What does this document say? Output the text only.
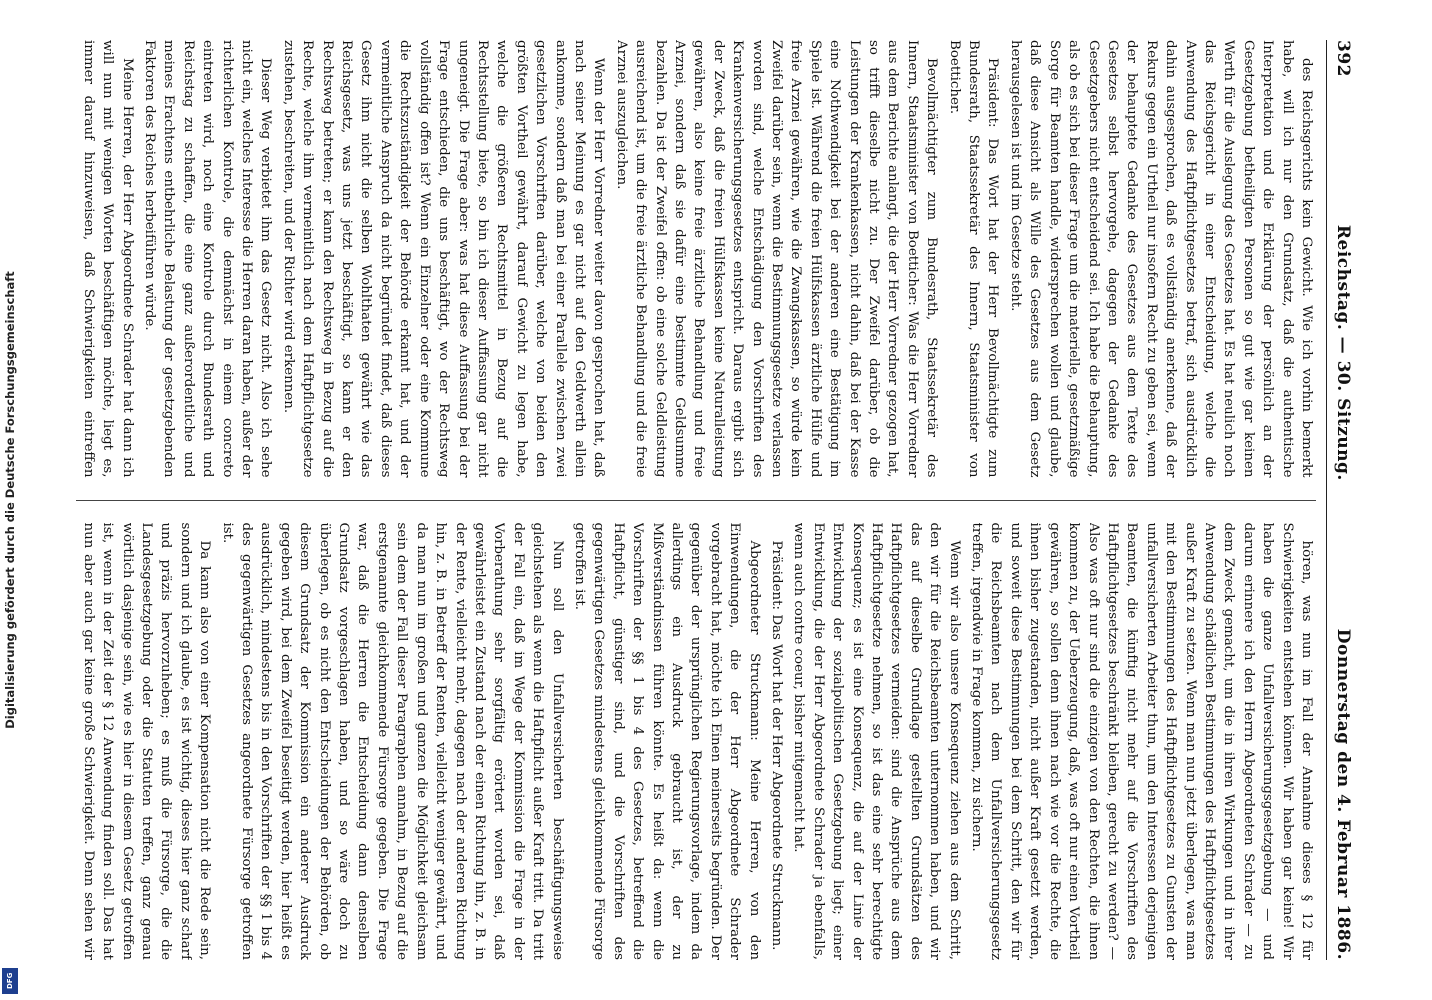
392
Reichstag. — 30. Sitzung.
Donnerstag den 4. Februar 1886.

des Reichsgerichts kein Gewicht. Wie ich vorhin bemerkt habe, will ich nur den Grundsatz, daß die authentische Interpretation und die Erklärung der persönlich an der Gesetzgebung betheiligten Personen so gut wie gar keinen Werth für die Auslegung des Gesetzes hat. Es hat neulich noch das Reichsgericht in einer Entscheidung, welche die Anwendung des Haftpflichtgesetzes betraf, sich ausdrücklich dahin ausgesprochen, daß es vollständig anerkenne, daß der Rekurs gegen ein Urtheil nur insofern Recht zu geben sei, wenn der behauptete Gedanke des Gesetzes aus dem Texte des Gesetzes selbst hervorgehe, dagegen der Gedanke des Gesetzgebers nicht entscheidend sei. Ich habe die Behauptung, als ob es sich bei dieser Frage um die materielle, gesetzmäßige Sorge für Beamten handle, widersprechen wollen und glaube, daß diese Ansicht als Wille des Gesetzes aus dem Gesetz herausgelesen ist und im Gesetze steht.

Präsident: Das Wort hat der Herr Bevollmächtigte zum Bundesrath, Staatssekretär des Innern, Staatsminister von Boetticher.

Bevollmächtigter zum Bundesrath, Staatssekretär des Innern, Staatsminister von Boetticher: Was die Herr Vorredner aus dem Berichte anlangt, die der Herr Vorredner gezogen hat, so trifft dieselbe nicht zu. Der Zweifel darüber, ob die Leistungen der Krankenkassen, nicht dahin, daß bei der Kasse eine Nothwendigkeit bei der anderen eine Bestätigung im Spiele ist. Während die freien Hülfskassen ärztliche Hülfe und freie Arznei gewähren, wie die Zwangskassen, so würde kein Zweifel darüber sein, wenn die Bestimmungsgesetze verlassen worden sind, welche Entschädigung den Vorschriften des Krankenversicherungsgesetzes entspricht. Daraus ergibt sich der Zweck, daß die freien Hülfskassen keine Naturalleistung gewähren, also keine freie ärztliche Behandlung und freie Arznei, sondern daß sie dafür eine bestimmte Geldsumme bezahlen. Da ist der Zweifel offen: ob eine solche Geldleistung ausreichend ist, um die freie ärztliche Behandlung und die freie Arznei auszugleichen.

Wenn der Herr Vorredner weiter davon gesprochen hat, daß nach seiner Meinung es gar nicht auf den Geldwerth allein ankomme, sondern daß man bei einer Parallele zwischen zwei gesetzlichen Vorschriften darüber, welche von beiden den größten Vortheil gewährt, darauf Gewicht zu legen habe, welche die größeren Rechtsmittel in Bezug auf die Rechtsstellung biete, so bin ich dieser Auffassung gar nicht ungeneigt. Die Frage aber: was hat diese Auffassung bei der Frage entschieden, die uns beschäftigt, wo der Rechtsweg vollständig offen ist? Wenn ein Einzelner oder eine Kommune die Rechtszuständigkeit der Behörde erkannt hat, und der vermeintliche Anspruch da nicht begründet findet, daß dieses Gesetz ihm nicht die selben Wohlthaten gewährt wie das Reichsgesetz, was uns jetzt beschäftigt, so kann er den Rechtsweg betreten; er kann den Rechtsweg in Bezug auf die Rechte, welche ihm vermeintlich nach dem Haftpflichtgesetze zustehen, beschreiten, und der Richter wird erkennen.

Dieser Weg verbietet ihm das Gesetz nicht. Also ich sehe nicht ein, welches Interesse die Herren daran haben, außer der richterlichen Kontrole, die demnächst in einem concreto eintreten wird, noch eine Kontrole durch Bundesrath und Reichstag zu schaffen, die eine ganz außerordentliche und meines Erachtens entbehrliche Belastung der gesetzgebenden Faktoren des Reiches herbeiführen würde.

Meine Herren, der Herr Abgeordnete Schrader hat dann ich will nun mit wenigen Worten beschäftigen möchte, liegt es, immer darauf hinzuweisen, daß Schwierigkeiten eintreffen

hören, was nun im Fall der Annahme dieses § 12 für Schwierigkeiten entstehen können. Wir haben gar keine! Wir haben die ganze Unfallversicherungsgesetzgebung — und darum erinnere ich den Herrn Abgeordneten Schrader — zu dem Zweck gemacht, um die in ihren Wirkungen und in ihrer Anwendung schädlichen Bestimmungen des Haftpflichtgesetzes außer Kraft zu setzen. Wenn man nun jetzt überlegen, was man mit den Bestimmungen des Haftpflichtgesetzes zu Gunsten der unfallversicherten Arbeiter thun, um den Interessen derjenigen Beamten, die künftig nicht mehr auf die Vorschriften des Haftpflichtgesetzes beschränkt bleiben, gerecht zu werden? — Also was oft nur sind die einzigen von den Rechten, die ihnen kommen zu, der Ueberzeugung, daß, was oft nur einen Vortheil gewähren, so sollen denn ihnen nach wie vor die Rechte, die ihnen bisher zugestanden, nicht außer Kraft gesetzt werden, und soweit diese Bestimmungen bei dem Schritt, den wir für die Reichsbeamten nach dem Unfallversicherungsgesetz treffen, irgendwie in Frage kommen, zu sichern.

Wenn wir also unsere Konsequenz ziehen aus dem Schritt, den wir für die Reichsbeamten unternommen haben, und wir das auf dieselbe Grundlage gestellten Grundsätzen des Haftpflichtgesetzes vermeiden: sind die Ansprüche aus dem Haftpflichtgesetze nehmen, so ist das eine sehr berechtigte Konsequenz; es ist eine Konsequenz, die auf der Linie der Entwicklung der sozialpolitischen Gesetzgebung liegt; einer Entwicklung, die der Herr Abgeordnete Schrader ja ebenfalls, wenn auch contre coeur, bisher mitgemacht hat.

Präsident: Das Wort hat der Herr Abgeordnete Struckmann.

Abgeordneter Struckmann: Meine Herren, von den Einwendungen, die der Herr Abgeordnete Schrader vorgebracht hat, möchte ich Einen meinerseits begründen. Der gegenüber der ursprünglichen Regierungsvorlage, indem da allerdings ein Ausdruck gebraucht ist, der zu Mißverständnissen führen könnte. Es heißt da: wenn die Vorschriften der §§ 1 bis 4 des Gesetzes, betreffend die Haftpflicht, günstiger sind, und die Vorschriften des gegenwärtigen Gesetzes mindestens gleichkommende Fürsorge getroffen ist.

Nun soll den Unfallversicherten beschäftigungsweise gleichstehen als wenn die Haftpflicht außer Kraft tritt. Da tritt der Fall ein, daß im Wege der Kommission die Frage in der Vorberathung sehr sorgfältig erörtert worden sei, daß gewährleistet ein Zustand nach der einen Richtung hin, z. B. in der Rente, vielleicht mehr, dagegen nach der anderen Richtung hin, z. B. in Betreff der Renten, vielleicht weniger gewährt, und da man nun im großen und ganzen die Möglichkeit gleichsam sein dem der Fall dieser Paragraphen annahm, in Bezug auf die erstgenannte gleichkommende Fürsorge gegeben. Die Frage war, daß die Herren die Entscheidung dann denselben Grundsatz vorgeschlagen haben, und so wäre doch zu überlegen, ob es nicht den Entscheidungen der Behörden, ob diesem Grundsatz der Kommission ein anderer Ausdruck gegeben wird, bei dem Zweifel beseitigt werden, hier heißt es ausdrücklich, mindestens bis in den Vorschriften der §§ 1 bis 4 des gegenwärtigen Gesetzes angeordnete Fürsorge getroffen ist.

Da kann also von einer Kompensation nicht die Rede sein, sondern und ich glaube, es ist wichtig, dieses hier ganz scharf und präzis hervorzuheben; es muß die Fürsorge, die die Landesgesetzgebung oder die Statuten treffen, ganz genau wörtlich dasjenige sein, wie es hier in diesem Gesetz getroffen ist, wenn in der Zeit der § 12 Anwendung finden soll. Das hat nun aber auch gar keine große Schwierigkeit. Denn sehen wir

Digitalisierung gefördert durch die Deutsche Forschungsgemeinschaft
DFG
